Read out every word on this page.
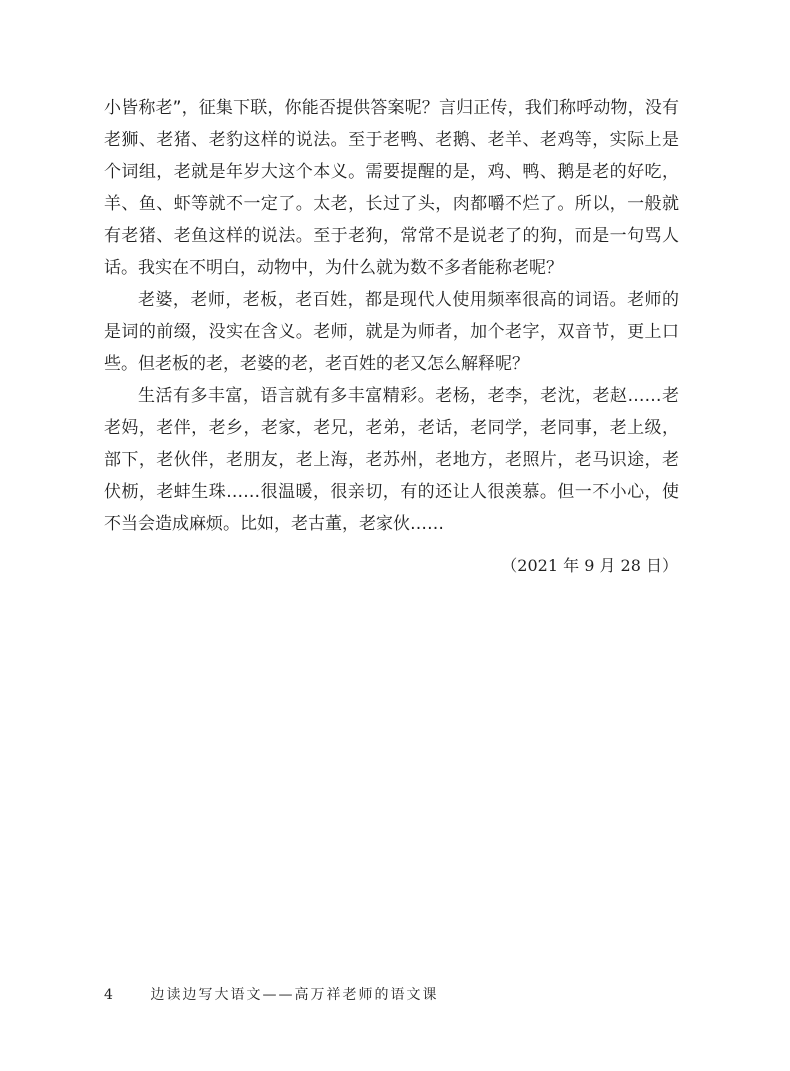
小皆称老”，征集下联，你能否提供答案呢？言归正传，我们称呼动物，没有
老狮、老猪、老豹这样的说法。至于老鸭、老鹅、老羊、老鸡等，实际上是
个词组，老就是年岁大这个本义。需要提醒的是，鸡、鸭、鹅是老的好吃，
羊、鱼、虾等就不一定了。太老，长过了头，肉都嚼不烂了。所以，一般就
有老猪、老鱼这样的说法。至于老狗，常常不是说老了的狗，而是一句骂人
话。我实在不明白，动物中，为什么就为数不多者能称老呢？
老婆，老师，老板，老百姓，都是现代人使用频率很高的词语。老师的
是词的前缀，没实在含义。老师，就是为师者，加个老字，双音节，更上口
些。但老板的老，老婆的老，老百姓的老又怎么解释呢？
生活有多丰富，语言就有多丰富精彩。老杨，老李，老沈，老赵……老
老妈，老伴，老乡，老家，老兄，老弟，老话，老同学，老同事，老上级，
部下，老伙伴，老朋友，老上海，老苏州，老地方，老照片，老马识途，老
伏枥，老蚌生珠……很温暖，很亲切，有的还让人很羡慕。但一不小心，使
不当会造成麻烦。比如，老古董，老家伙……
（2021 年 9 月 28 日）
4	边读边写大语文——高万祥老师的语文课
